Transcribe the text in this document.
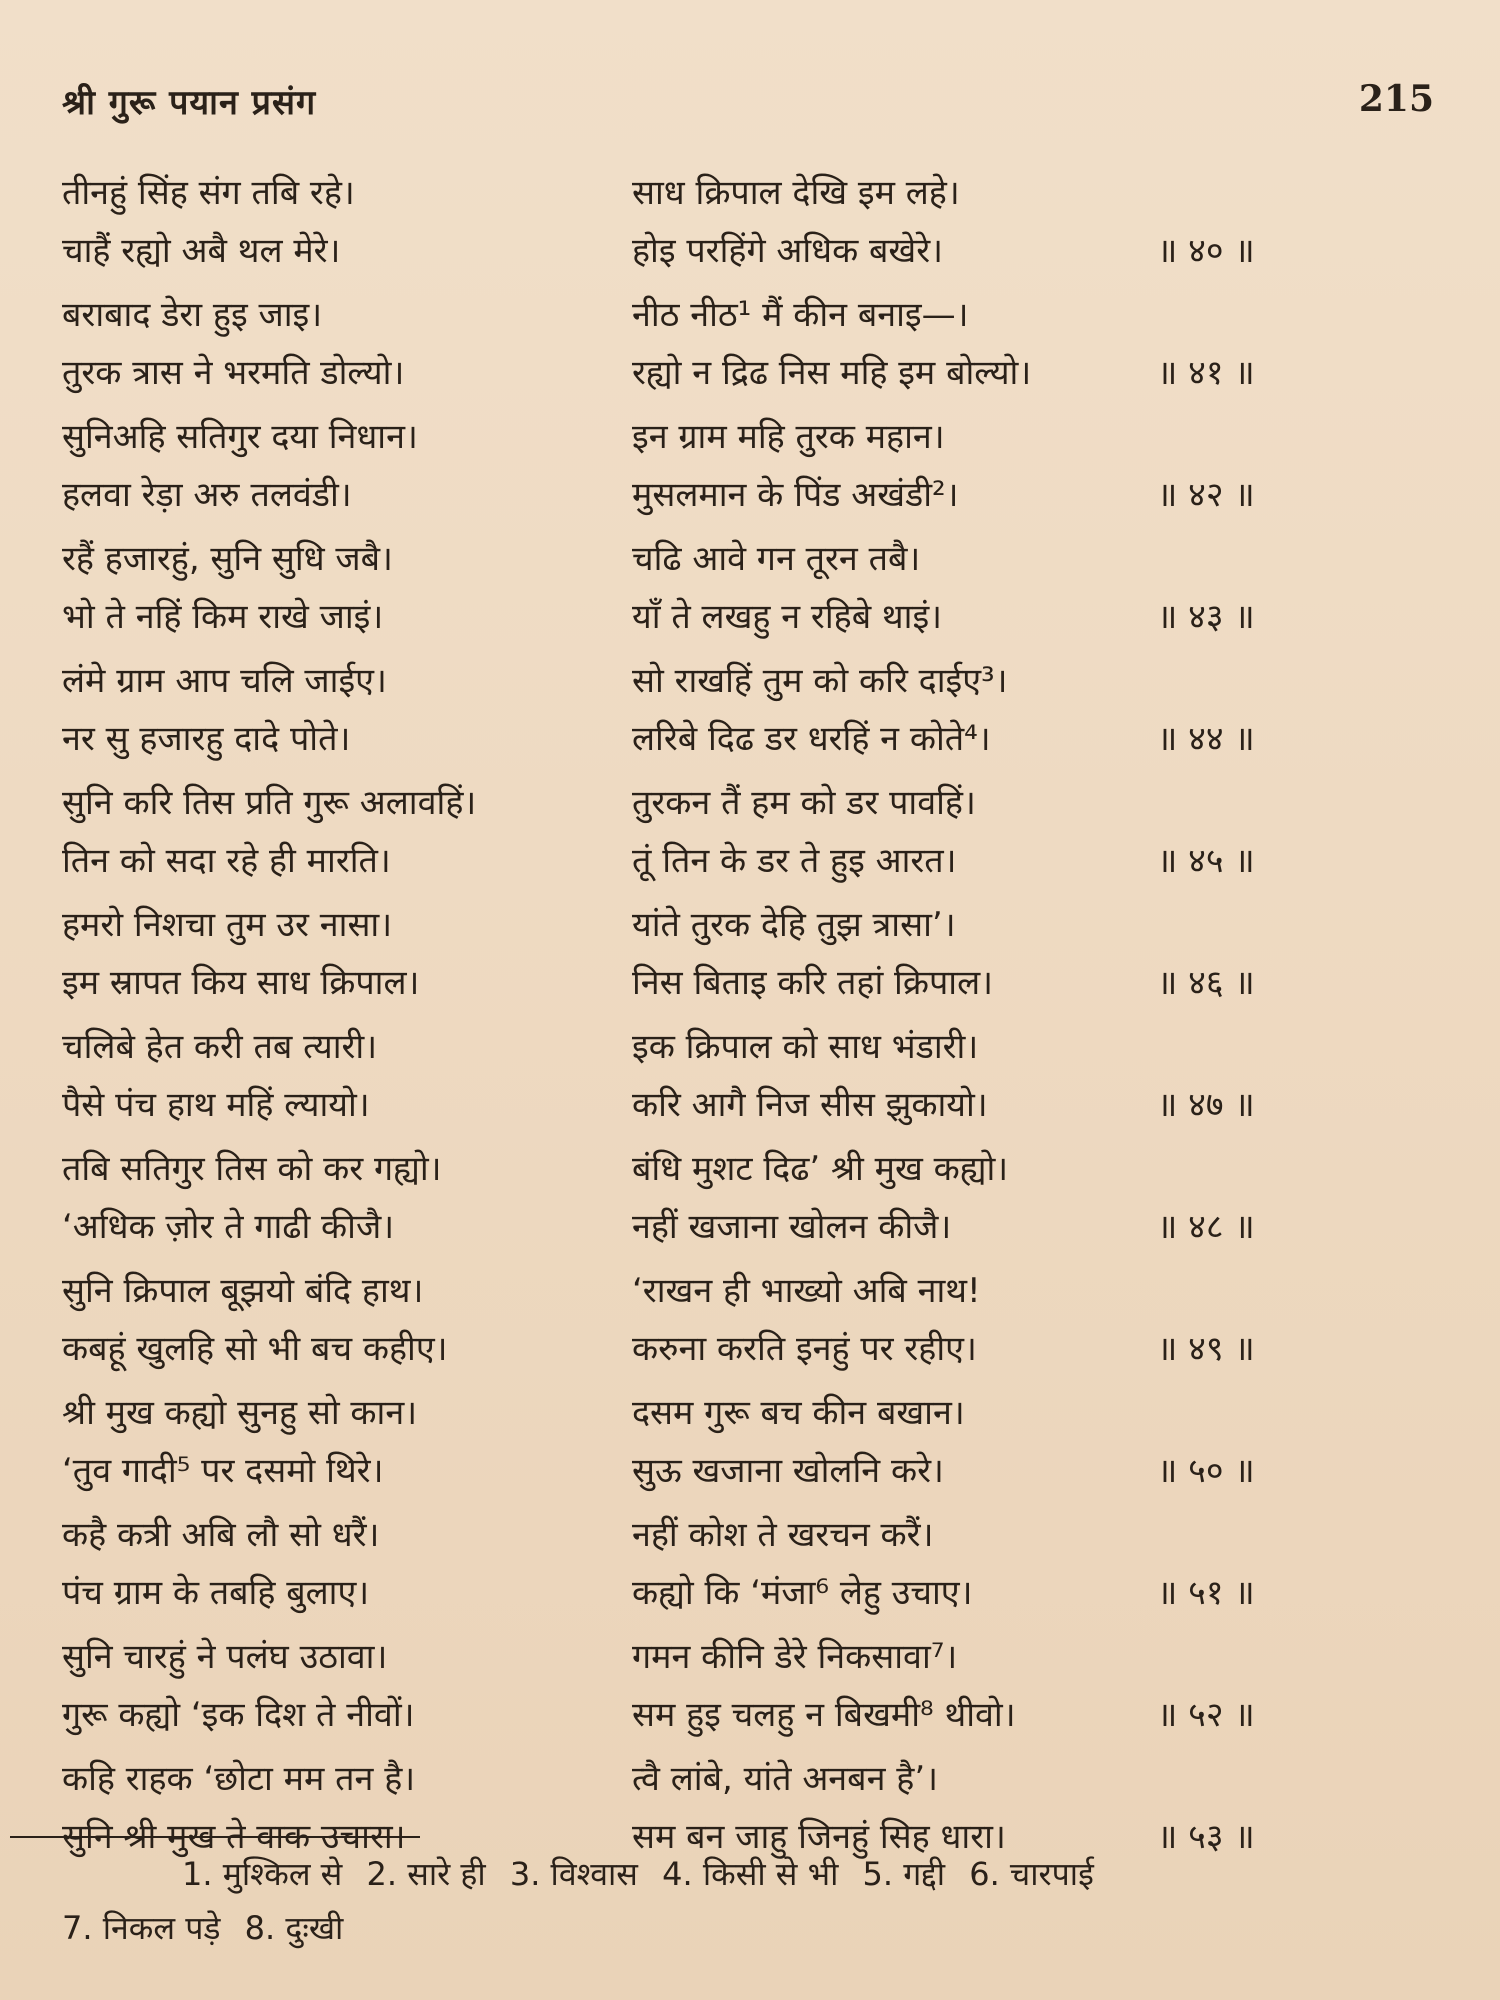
श्री गुरू पयान प्रसंग	215
तीनहुं सिंह संग तबि रहे।	साध क्रिपाल देखि इम लहे।
चाहैं रह्यो अबै थल मेरे।	होइ परहिंगे अधिक बखेरे।	॥ ४० ॥
बराबाद डेरा हुइ जाइ।	नीठ नीठ¹ मैं कीन बनाइ—।
तुरक त्रास ने भरमति डोल्यो।	रह्यो न द्रिढ निस महि इम बोल्यो।	॥ ४१ ॥
सुनिअहि सतिगुर दया निधान।	इन ग्राम महि तुरक महान।
हलवा रेड़ा अरु तलवंडी।	मुसलमान के पिंड अखंडी²।	॥ ४२ ॥
रहैं हजारहुं, सुनि सुधि जबै।	चढि आवे गन तूरन तबै।
भो ते नहिं किम राखे जाइं।	याँ ते लखहु न रहिबे थाइं।	॥ ४३ ॥
लंमे ग्राम आप चलि जाईए।	सो राखहिं तुम को करि दाईए³।
नर सु हजारहु दादे पोते।	लरिबे दिढ डर धरहिं न कोते⁴।	॥ ४४ ॥
सुनि करि तिस प्रति गुरू अलावहिं।	तुरकन तैं हम को डर पावहिं।
तिन को सदा रहे ही मारति।	तूं तिन के डर ते हुइ आरत।	॥ ४५ ॥
हमरो निशचा तुम उर नासा।	यांते तुरक देहि तुझ त्रासा’।
इम स्रापत किय साध क्रिपाल।	निस बिताइ करि तहां क्रिपाल।	॥ ४६ ॥
चलिबे हेत करी तब त्यारी।	इक क्रिपाल को साध भंडारी।
पैसे पंच हाथ महिं ल्यायो।	करि आगै निज सीस झुकायो।	॥ ४७ ॥
तबि सतिगुर तिस को कर गह्यो।	बंधि मुशट दिढ’ श्री मुख कह्यो।
‘अधिक ज़ोर ते गाढी कीजै।	नहीं खजाना खोलन कीजै।	॥ ४८ ॥
सुनि क्रिपाल बूझयो बंदि हाथ।	‘राखन ही भाख्यो अबि नाथ!
कबहूं खुलहि सो भी बच कहीए।	करुना करति इनहुं पर रहीए।	॥ ४९ ॥
श्री मुख कह्यो सुनहु सो कान।	दसम गुरू बच कीन बखान।
‘तुव गादी⁵ पर दसमो थिरे।	सुऊ खजाना खोलनि करे।	॥ ५० ॥
कहै कत्री अबि लौ सो धरैं।	नहीं कोश ते खरचन करैं।
पंच ग्राम के तबहि बुलाए।	कह्यो कि ‘मंजा⁶ लेहु उचाए।	॥ ५१ ॥
सुनि चारहुं ने पलंघ उठावा।	गमन कीनि डेरे निकसावा⁷।
गुरू कह्यो ‘इक दिश ते नीवों।	सम हुइ चलहु न बिखमी⁸ थीवो।	॥ ५२ ॥
कहि राहक ‘छोटा मम तन है।	त्वै लांबे, यांते अनबन है’।
सुनि श्री मुख ते वाक उचारा।	सम बन जाहु जिनहुं सिह धारा।	॥ ५३ ॥
1. मुश्किल से 2. सारे ही 3. विश्वास 4. किसी से भी 5. गद्दी 6. चारपाई
7. निकल पड़े 8. दुःखी
